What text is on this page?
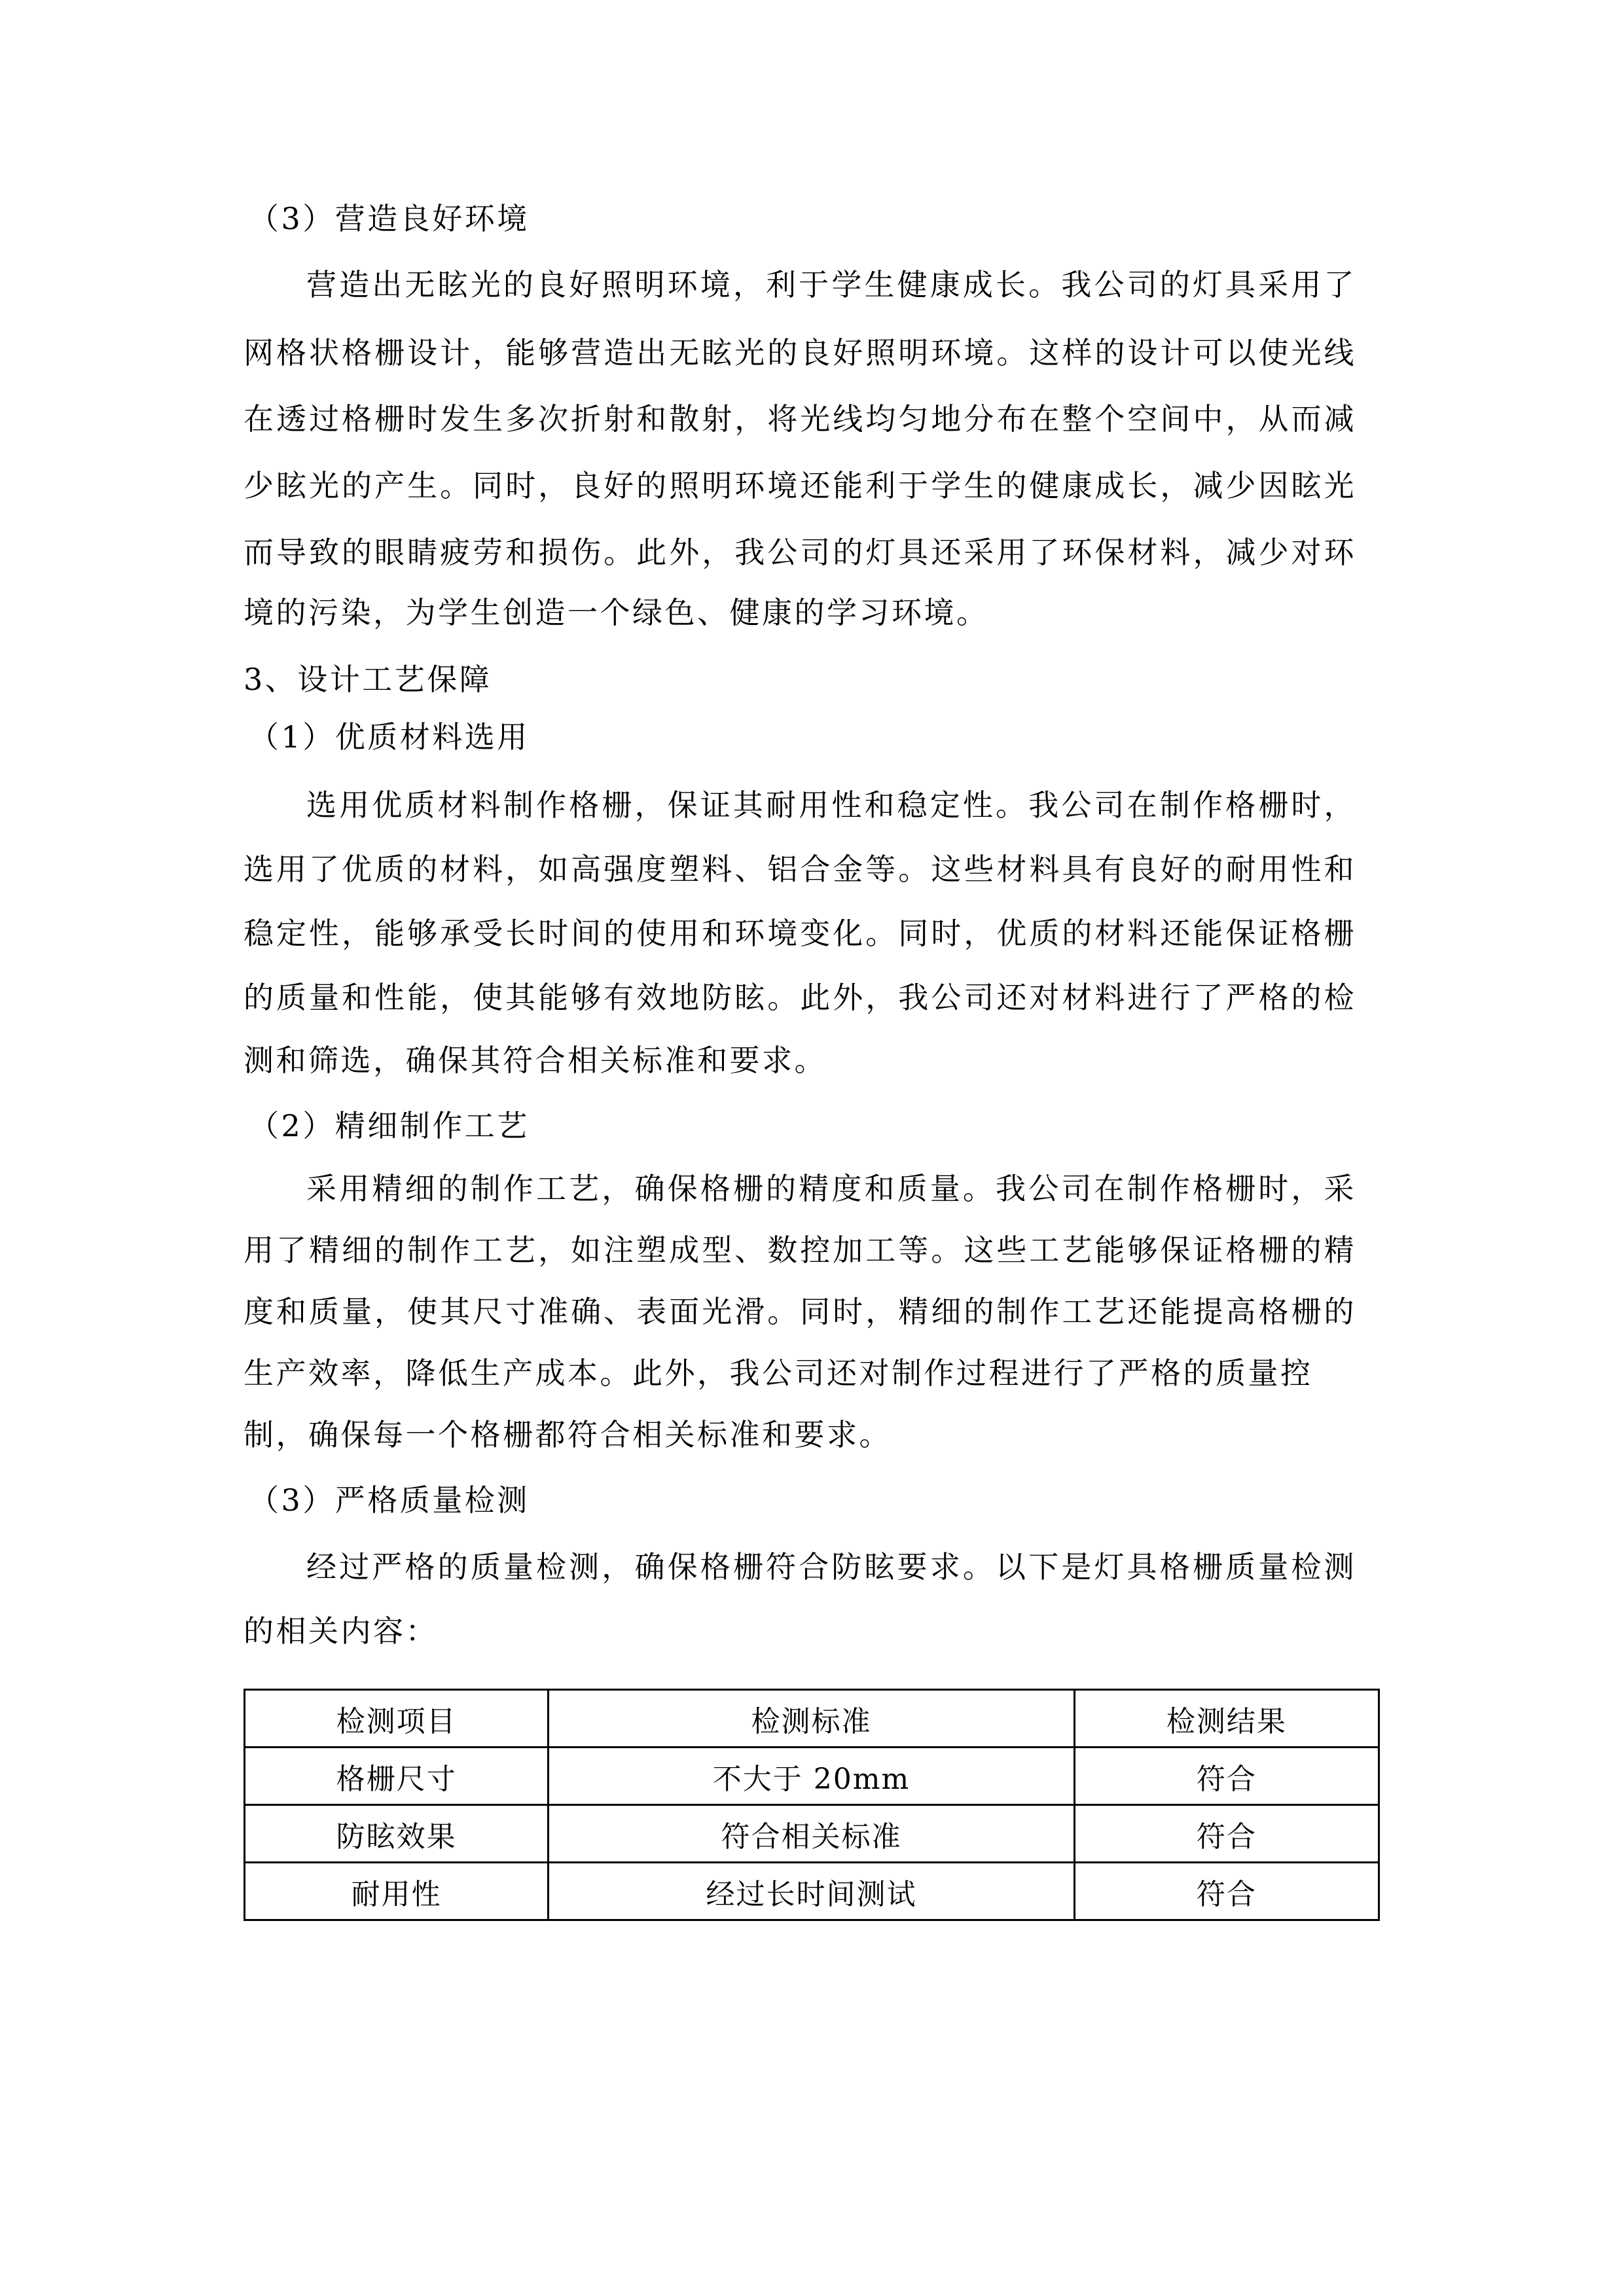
（3）营造良好环境
营造出无眩光的良好照明环境，利于学生健康成长。我公司的灯具采用了
网格状格栅设计，能够营造出无眩光的良好照明环境。这样的设计可以使光线
在透过格栅时发生多次折射和散射，将光线均匀地分布在整个空间中，从而减
少眩光的产生。同时，良好的照明环境还能利于学生的健康成长，减少因眩光
而导致的眼睛疲劳和损伤。此外，我公司的灯具还采用了环保材料，减少对环
境的污染，为学生创造一个绿色、健康的学习环境。
3、设计工艺保障
（1）优质材料选用
选用优质材料制作格栅，保证其耐用性和稳定性。我公司在制作格栅时，
选用了优质的材料，如高强度塑料、铝合金等。这些材料具有良好的耐用性和
稳定性，能够承受长时间的使用和环境变化。同时，优质的材料还能保证格栅
的质量和性能，使其能够有效地防眩。此外，我公司还对材料进行了严格的检
测和筛选，确保其符合相关标准和要求。
（2）精细制作工艺
采用精细的制作工艺，确保格栅的精度和质量。我公司在制作格栅时，采
用了精细的制作工艺，如注塑成型、数控加工等。这些工艺能够保证格栅的精
度和质量，使其尺寸准确、表面光滑。同时，精细的制作工艺还能提高格栅的
生产效率，降低生产成本。此外，我公司还对制作过程进行了严格的质量控
制，确保每一个格栅都符合相关标准和要求。
（3）严格质量检测
经过严格的质量检测，确保格栅符合防眩要求。以下是灯具格栅质量检测
的相关内容：
检测项目	检测标准	检测结果
格栅尺寸	不大于 20mm	符合
防眩效果	符合相关标准	符合
耐用性	经过长时间测试	符合
